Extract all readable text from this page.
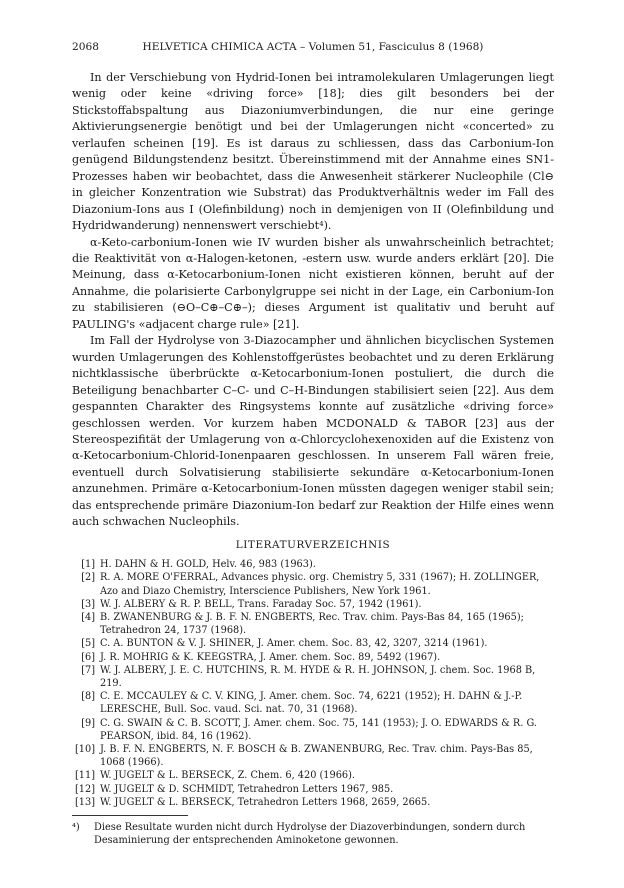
2068	HELVETICA CHIMICA ACTA – Volumen 51, Fasciculus 8 (1968)

In der Verschiebung von Hydrid-Ionen bei intramolekularen Umlagerungen liegt wenig oder keine «driving force» [18]; dies gilt besonders bei der Stickstoffabspaltung aus Diazoniumverbindungen, die nur eine geringe Aktivierungsenergie benötigt und bei der Umlagerungen nicht «concerted» zu verlaufen scheinen [19]. Es ist daraus zu schliessen, dass das Carbonium-Ion genügend Bildungstendenz besitzt. Übereinstimmend mit der Annahme eines SN1-Prozesses haben wir beobachtet, dass die Anwesenheit stärkerer Nucleophile (Cl⊖ in gleicher Konzentration wie Substrat) das Produktverhältnis weder im Fall des Diazonium-Ions aus I (Olefinbildung) noch in demjenigen von II (Olefinbildung und Hydridwanderung) nennenswert verschiebt⁴).

α-Keto-carbonium-Ionen wie IV wurden bisher als unwahrscheinlich betrachtet; die Reaktivität von α-Halogen-ketonen, -estern usw. wurde anders erklärt [20]. Die Meinung, dass α-Ketocarbonium-Ionen nicht existieren können, beruht auf der Annahme, die polarisierte Carbonylgruppe sei nicht in der Lage, ein Carbonium-Ion zu stabilisieren (⊖O–C⊕–C⊕–); dieses Argument ist qualitativ und beruht auf PAULING's «adjacent charge rule» [21].

Im Fall der Hydrolyse von 3-Diazocampher und ähnlichen bicyclischen Systemen wurden Umlagerungen des Kohlenstoffgerüstes beobachtet und zu deren Erklärung nichtklassische überbrückte α-Ketocarbonium-Ionen postuliert, die durch die Beteiligung benachbarter C–C- und C–H-Bindungen stabilisiert seien [22]. Aus dem gespannten Charakter des Ringsystems konnte auf zusätzliche «driving force» geschlossen werden. Vor kurzem haben MCDONALD & TABOR [23] aus der Stereospezifität der Umlagerung von α-Chlorcyclohexenoxiden auf die Existenz von α-Ketocarbonium-Chlorid-Ionenpaaren geschlossen. In unserem Fall wären freie, eventuell durch Solvatisierung stabilisierte sekundäre α-Ketocarbonium-Ionen anzunehmen. Primäre α-Ketocarbonium-Ionen müssten dagegen weniger stabil sein; das entsprechende primäre Diazonium-Ion bedarf zur Reaktion der Hilfe eines wenn auch schwachen Nucleophils.

LITERATURVERZEICHNIS
[1] H. DAHN & H. GOLD, Helv. 46, 983 (1963).
[2] R. A. MORE O'FERRAL, Advances physic. org. Chemistry 5, 331 (1967); H. ZOLLINGER, Azo and Diazo Chemistry, Interscience Publishers, New York 1961.
[3] W. J. ALBERY & R. P. BELL, Trans. Faraday Soc. 57, 1942 (1961).
[4] B. ZWANENBURG & J. B. F. N. ENGBERTS, Rec. Trav. chim. Pays-Bas 84, 165 (1965); Tetrahedron 24, 1737 (1968).
[5] C. A. BUNTON & V. J. SHINER, J. Amer. chem. Soc. 83, 42, 3207, 3214 (1961).
[6] J. R. MOHRIG & K. KEEGSTRA, J. Amer. chem. Soc. 89, 5492 (1967).
[7] W. J. ALBERY, J. E. C. HUTCHINS, R. M. HYDE & R. H. JOHNSON, J. chem. Soc. 1968 B, 219.
[8] C. E. MCCAULEY & C. V. KING, J. Amer. chem. Soc. 74, 6221 (1952); H. DAHN & J.-P. LERESCHE, Bull. Soc. vaud. Sci. nat. 70, 31 (1968).
[9] C. G. SWAIN & C. B. SCOTT, J. Amer. chem. Soc. 75, 141 (1953); J. O. EDWARDS & R. G. PEARSON, ibid. 84, 16 (1962).
[10] J. B. F. N. ENGBERTS, N. F. BOSCH & B. ZWANENBURG, Rec. Trav. chim. Pays-Bas 85, 1068 (1966).
[11] W. JUGELT & L. BERSECK, Z. Chem. 6, 420 (1966).
[12] W. JUGELT & D. SCHMIDT, Tetrahedron Letters 1967, 985.
[13] W. JUGELT & L. BERSECK, Tetrahedron Letters 1968, 2659, 2665.
⁴)	Diese Resultate wurden nicht durch Hydrolyse der Diazoverbindungen, sondern durch Desaminierung der entsprechenden Aminoketone gewonnen.
